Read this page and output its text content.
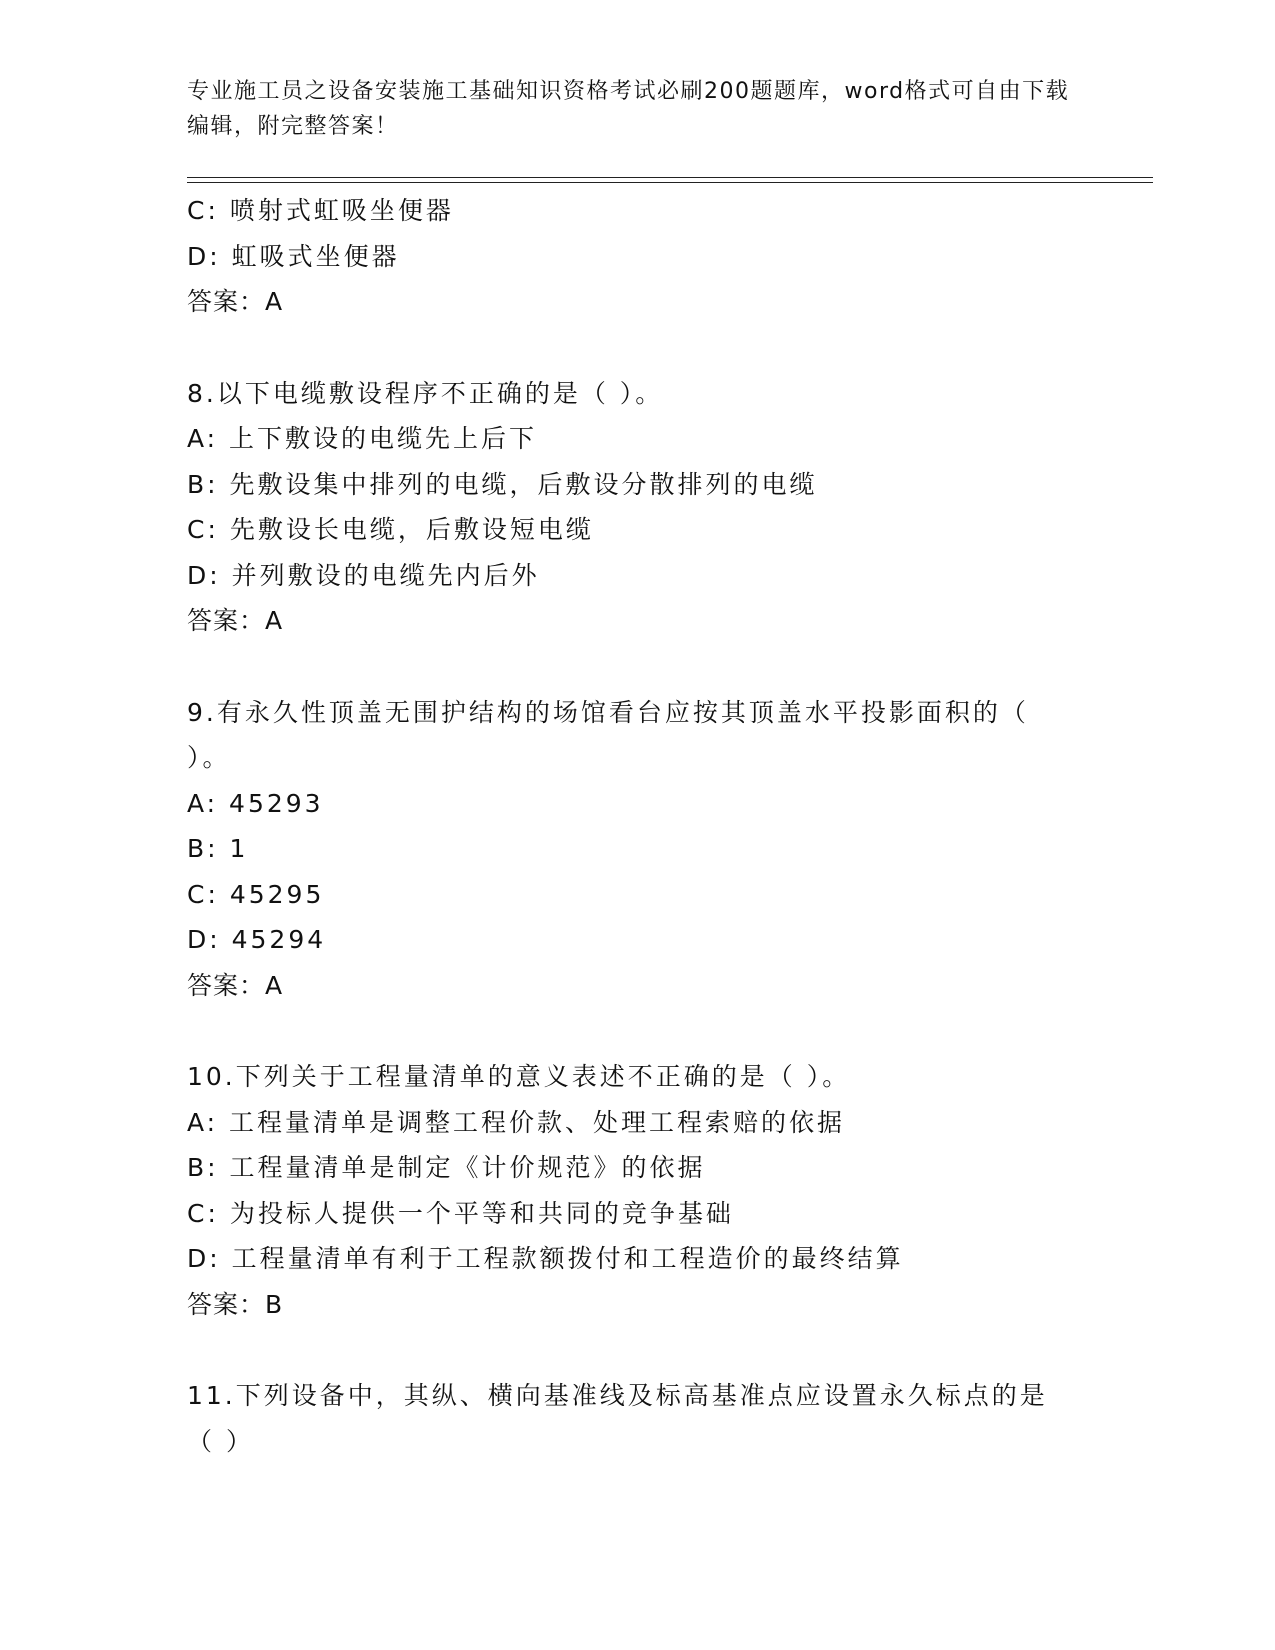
专业施工员之设备安装施工基础知识资格考试必刷200题题库，word格式可自由下载编辑，附完整答案！
C: 喷射式虹吸坐便器
D: 虹吸式坐便器
答案：A
8.以下电缆敷设程序不正确的是（ ）。
A: 上下敷设的电缆先上后下
B: 先敷设集中排列的电缆，后敷设分散排列的电缆
C: 先敷设长电缆，后敷设短电缆
D: 并列敷设的电缆先内后外
答案：A
9.有永久性顶盖无围护结构的场馆看台应按其顶盖水平投影面积的（
）。
A: 45293
B: 1
C: 45295
D: 45294
答案：A
10.下列关于工程量清单的意义表述不正确的是（ ）。
A: 工程量清单是调整工程价款、处理工程索赔的依据
B: 工程量清单是制定《计价规范》的依据
C: 为投标人提供一个平等和共同的竞争基础
D: 工程量清单有利于工程款额拨付和工程造价的最终结算
答案：B
11.下列设备中，其纵、横向基准线及标高基准点应设置永久标点的是
（ ）
